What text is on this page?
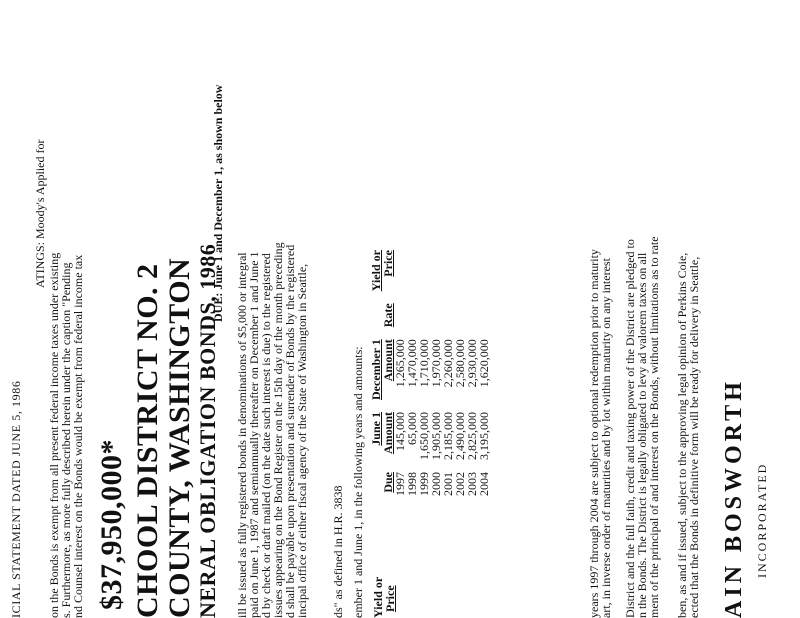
ICIAL STATEMENT DATED JUNE 5, 1986
ATINGS: Moody's Applied for
on the Bonds is exempt from all present federal income taxes under existing
s. Furthermore, as more fully described herein under the caption "Pending
nd Counsel interest on the Bonds would be exempt from federal income tax $37,950,000* CHOOL DISTRICT NO. 2 COUNTY, WASHINGTON NERAL OBLIGATION BONDS, 1986
DUE: June 1 and December 1, as shown below
ill be issued as fully registered bonds in denominations of $5,000 or integral
paid on June 1, 1987 and semiannually thereafter on December 1 and June 1
d by check or draft mailed (on the date such interest is due) to the registered
issues appearing on the Bond Register on the 15th day of the month preceding
d shall be payable upon presentation and surrender of Bonds by the registered
incipal office of either fiscal agency of the State of Washington in Seattle, ds" as defined in H.R. 3838 ember 1 and June 1, in the following years and amounts: Yield or
Price
Due	June 1
Amount	December 1
Amount	Rate	Yield or
Price
1997	145,000	1,265,000		
1998	65,000	1,470,000		
1999	1,650,000	1,710,000		
2000	1,905,000	1,970,000		
2001	2,185,000	2,260,000		
2002	2,490,000	2,580,000		
2003	2,825,000	2,930,000		
2004	3,195,000	1,620,000			years 1997 through 2004 are subject to optional redemption prior to maturity
art, in inverse order of maturities and by lot within maturity on any interest District and the full faith, credit and taxing power of the District are pledged to
n the Bonds. The District is legally obligated to levy ad valorem taxes on all
ment of the principal of and interest on the Bonds, without limitations as to rate ben, as and if issued, subject to the approving legal opinion of Perkins Coie,
ected that the Bonds in definitive form will be ready for delivery in Seattle, AIN BOSWORTH INCORPORATED
